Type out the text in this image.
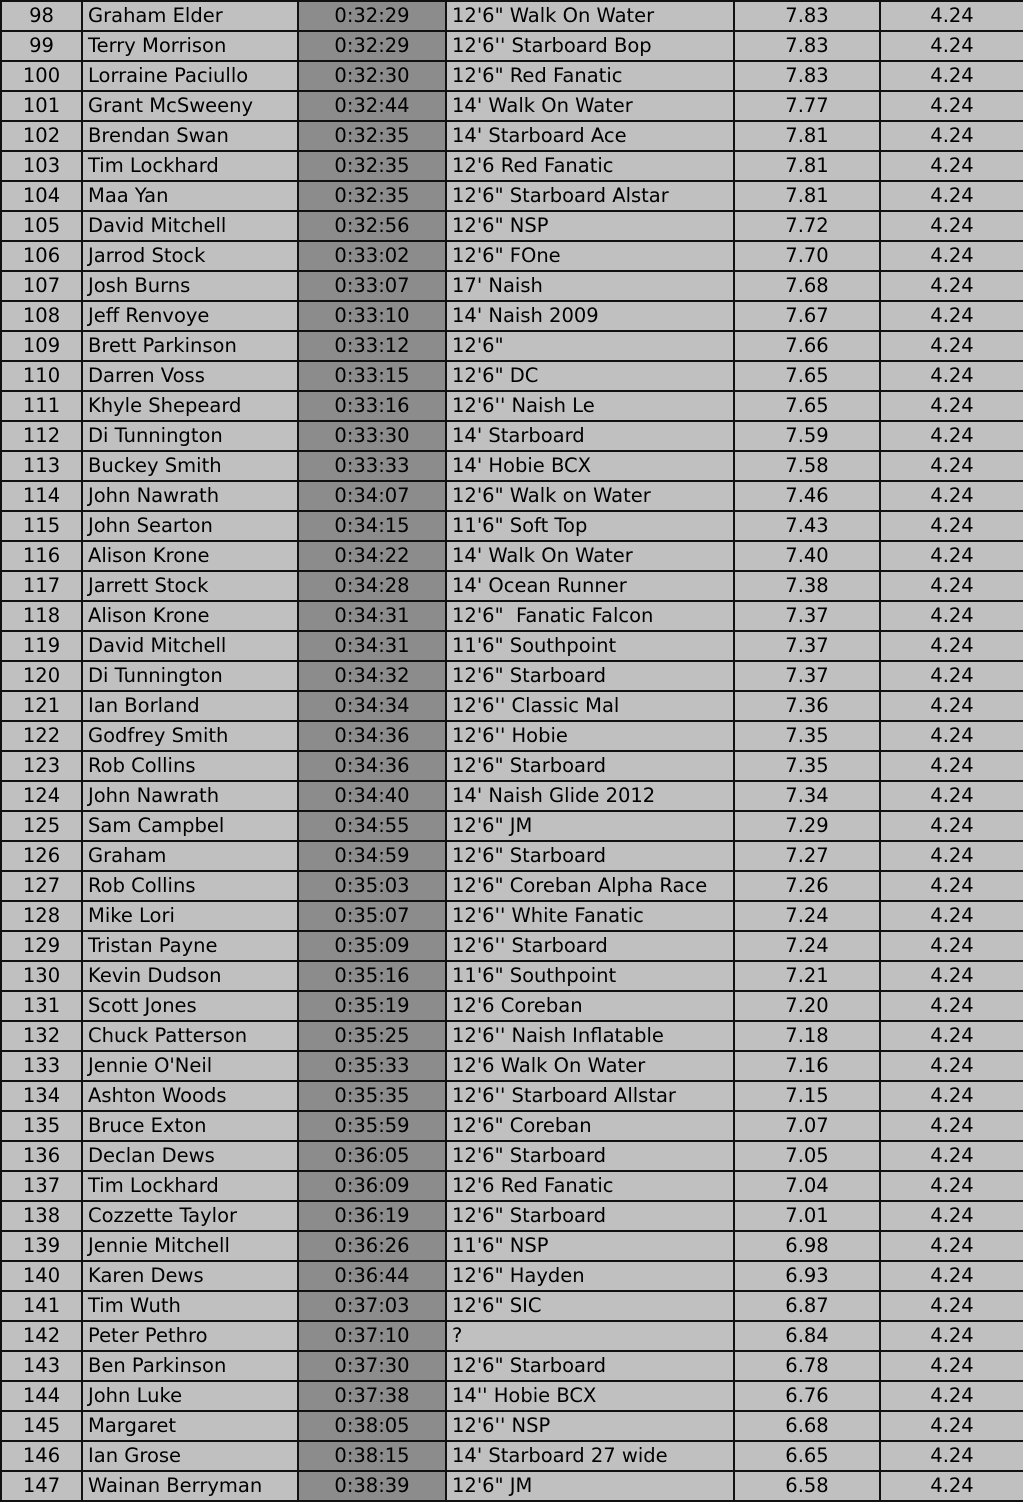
98	Graham Elder	0:32:29	12'6" Walk On Water	7.83	4.24
99	Terry Morrison	0:32:29	12'6'' Starboard Bop	7.83	4.24
100	Lorraine Paciullo	0:32:30	12'6" Red Fanatic	7.83	4.24
101	Grant McSweeny	0:32:44	14' Walk On Water	7.77	4.24
102	Brendan Swan	0:32:35	14' Starboard Ace	7.81	4.24
103	Tim Lockhard	0:32:35	12'6 Red Fanatic	7.81	4.24
104	Maa Yan	0:32:35	12'6" Starboard Alstar	7.81	4.24
105	David Mitchell	0:32:56	12'6" NSP	7.72	4.24
106	Jarrod Stock	0:33:02	12'6" FOne	7.70	4.24
107	Josh Burns	0:33:07	17' Naish	7.68	4.24
108	Jeff Renvoye	0:33:10	14' Naish 2009	7.67	4.24
109	Brett Parkinson	0:33:12	12'6"	7.66	4.24
110	Darren Voss	0:33:15	12'6" DC	7.65	4.24
111	Khyle Shepeard	0:33:16	12'6'' Naish Le	7.65	4.24
112	Di Tunnington	0:33:30	14' Starboard	7.59	4.24
113	Buckey Smith	0:33:33	14' Hobie BCX	7.58	4.24
114	John Nawrath	0:34:07	12'6" Walk on Water	7.46	4.24
115	John Searton	0:34:15	11'6" Soft Top	7.43	4.24
116	Alison Krone	0:34:22	14' Walk On Water	7.40	4.24
117	Jarrett Stock	0:34:28	14' Ocean Runner	7.38	4.24
118	Alison Krone	0:34:31	12'6"  Fanatic Falcon	7.37	4.24
119	David Mitchell	0:34:31	11'6" Southpoint	7.37	4.24
120	Di Tunnington	0:34:32	12'6" Starboard	7.37	4.24
121	Ian Borland	0:34:34	12'6'' Classic Mal	7.36	4.24
122	Godfrey Smith	0:34:36	12'6'' Hobie	7.35	4.24
123	Rob Collins	0:34:36	12'6" Starboard	7.35	4.24
124	John Nawrath	0:34:40	14' Naish Glide 2012	7.34	4.24
125	Sam Campbel	0:34:55	12'6" JM	7.29	4.24
126	Graham	0:34:59	12'6" Starboard	7.27	4.24
127	Rob Collins	0:35:03	12'6" Coreban Alpha Race	7.26	4.24
128	Mike Lori	0:35:07	12'6'' White Fanatic	7.24	4.24
129	Tristan Payne	0:35:09	12'6'' Starboard	7.24	4.24
130	Kevin Dudson	0:35:16	11'6" Southpoint	7.21	4.24
131	Scott Jones	0:35:19	12'6 Coreban	7.20	4.24
132	Chuck Patterson	0:35:25	12'6'' Naish Inflatable	7.18	4.24
133	Jennie O'Neil	0:35:33	12'6 Walk On Water	7.16	4.24
134	Ashton Woods	0:35:35	12'6'' Starboard Allstar	7.15	4.24
135	Bruce Exton	0:35:59	12'6" Coreban	7.07	4.24
136	Declan Dews	0:36:05	12'6" Starboard	7.05	4.24
137	Tim Lockhard	0:36:09	12'6 Red Fanatic	7.04	4.24
138	Cozzette Taylor	0:36:19	12'6" Starboard	7.01	4.24
139	Jennie Mitchell	0:36:26	11'6" NSP	6.98	4.24
140	Karen Dews	0:36:44	12'6" Hayden	6.93	4.24
141	Tim Wuth	0:37:03	12'6" SIC	6.87	4.24
142	Peter Pethro	0:37:10	?	6.84	4.24
143	Ben Parkinson	0:37:30	12'6" Starboard	6.78	4.24
144	John Luke	0:37:38	14'' Hobie BCX	6.76	4.24
145	Margaret	0:38:05	12'6'' NSP	6.68	4.24
146	Ian Grose	0:38:15	14' Starboard 27 wide	6.65	4.24
147	Wainan Berryman	0:38:39	12'6" JM	6.58	4.24
